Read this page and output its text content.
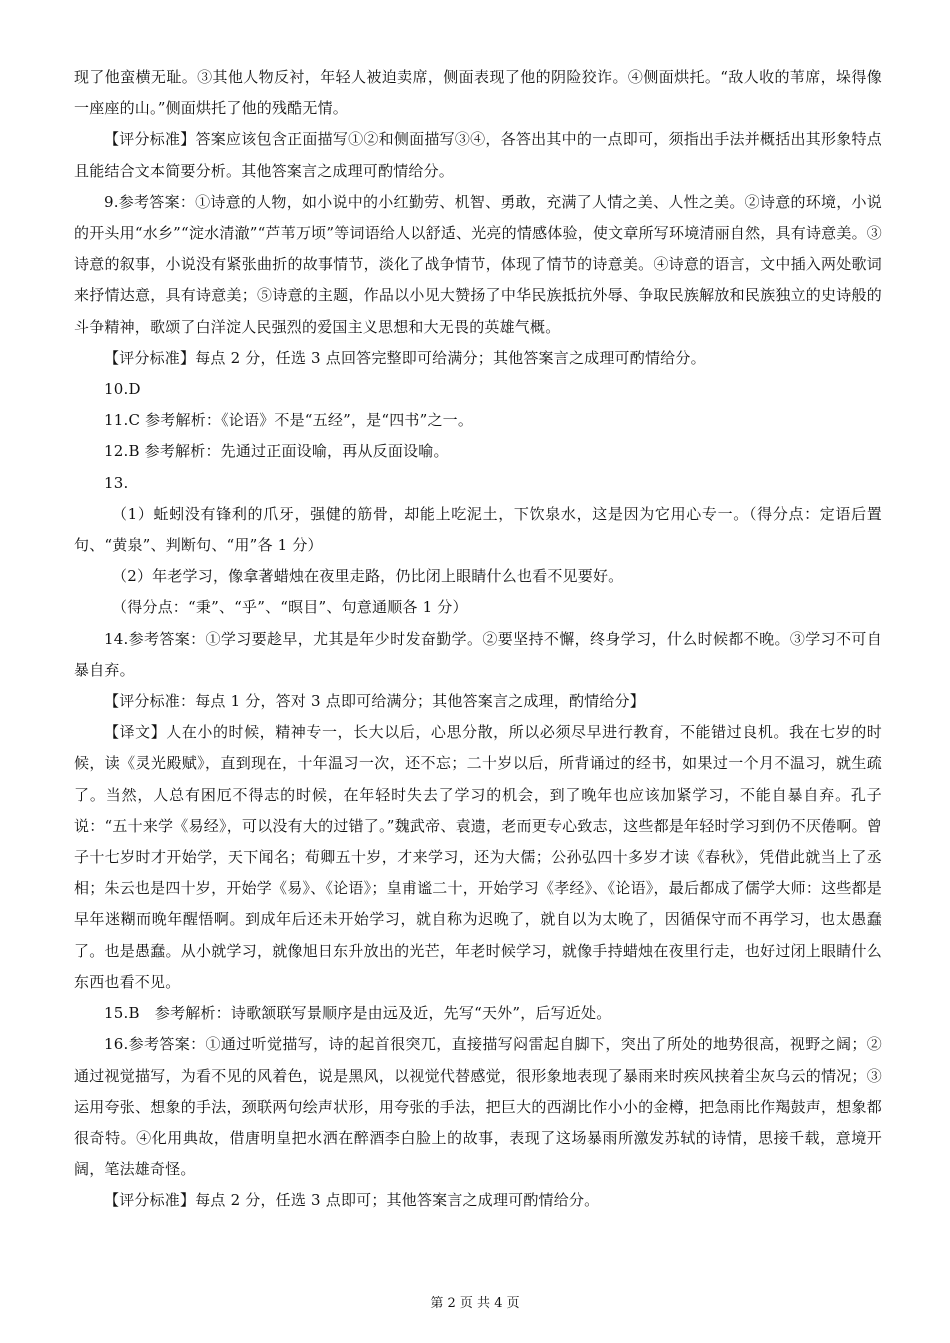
现了他蛮横无耻。③其他人物反衬，年轻人被迫卖席，侧面表现了他的阴险狡诈。④侧面烘托。“敌人收的苇席，垛得像一座座的山。”侧面烘托了他的残酷无情。

【评分标准】答案应该包含正面描写①②和侧面描写③④，各答出其中的一点即可，须指出手法并概括出其形象特点且能结合文本简要分析。其他答案言之成理可酌情给分。

9.参考答案：①诗意的人物，如小说中的小红勤劳、机智、勇敢，充满了人情之美、人性之美。②诗意的环境，小说的开头用“水乡”“淀水清澈”“芦苇万顷”等词语给人以舒适、光亮的情感体验，使文章所写环境清丽自然，具有诗意美。③诗意的叙事，小说没有紧张曲折的故事情节，淡化了战争情节，体现了情节的诗意美。④诗意的语言，文中插入两处歌词来抒情达意，具有诗意美；⑤诗意的主题，作品以小见大赞扬了中华民族抵抗外辱、争取民族解放和民族独立的史诗般的斗争精神，歌颂了白洋淀人民强烈的爱国主义思想和大无畏的英雄气概。

【评分标准】每点 2 分，任选 3 点回答完整即可给满分；其他答案言之成理可酌情给分。

10.D

11.C 参考解析：《论语》不是“五经”，是“四书”之一。

12.B 参考解析：先通过正面设喻，再从反面设喻。

13.

（1）蚯蚓没有锋利的爪牙，强健的筋骨，却能上吃泥土，下饮泉水，这是因为它用心专一。（得分点：定语后置句、“黄泉”、判断句、“用”各 1 分）

（2）年老学习，像拿著蜡烛在夜里走路，仍比闭上眼睛什么也看不见要好。

（得分点：“秉”、“乎”、“暝目”、句意通顺各 1 分）

14.参考答案：①学习要趁早，尤其是年少时发奋勤学。②要坚持不懈，终身学习，什么时候都不晚。③学习不可自暴自弃。

【评分标准：每点 1 分，答对 3 点即可给满分；其他答案言之成理，酌情给分】

【译文】人在小的时候，精神专一，长大以后，心思分散，所以必须尽早进行教育，不能错过良机。我在七岁的时候，读《灵光殿赋》，直到现在，十年温习一次，还不忘；二十岁以后，所背诵过的经书，如果过一个月不温习，就生疏了。当然，人总有困厄不得志的时候，在年轻时失去了学习的机会，到了晚年也应该加紧学习，不能自暴自弃。孔子说：“五十来学《易经》，可以没有大的过错了。”魏武帝、袁遗，老而更专心致志，这些都是年轻时学习到仍不厌倦啊。曾子十七岁时才开始学，天下闻名；荀卿五十岁，才来学习，还为大儒；公孙弘四十多岁才读《春秋》，凭借此就当上了丞相；朱云也是四十岁，开始学《易》、《论语》；皇甫谧二十，开始学习《孝经》、《论语》，最后都成了儒学大师：这些都是早年迷糊而晚年醒悟啊。到成年后还未开始学习，就自称为迟晚了，就自以为太晚了，因循保守而不再学习，也太愚蠢了。也是愚蠢。从小就学习，就像旭日东升放出的光芒，年老时候学习，就像手持蜡烛在夜里行走，也好过闭上眼睛什么东西也看不见。

15.B　参考解析：诗歌颔联写景顺序是由远及近，先写“天外”，后写近处。

16.参考答案：①通过听觉描写，诗的起首很突兀，直接描写闷雷起自脚下，突出了所处的地势很高，视野之阔；②通过视觉描写，为看不见的风着色，说是黑风，以视觉代替感觉，很形象地表现了暴雨来时疾风挟着尘灰乌云的情况；③运用夸张、想象的手法，颈联两句绘声状形，用夸张的手法，把巨大的西湖比作小小的金樽，把急雨比作羯鼓声，想象都很奇特。④化用典故，借唐明皇把水洒在醉酒李白脸上的故事，表现了这场暴雨所激发苏轼的诗情，思接千载，意境开阔，笔法雄奇怪。

【评分标准】每点 2 分，任选 3 点即可；其他答案言之成理可酌情给分。

第 2 页 共 4 页
